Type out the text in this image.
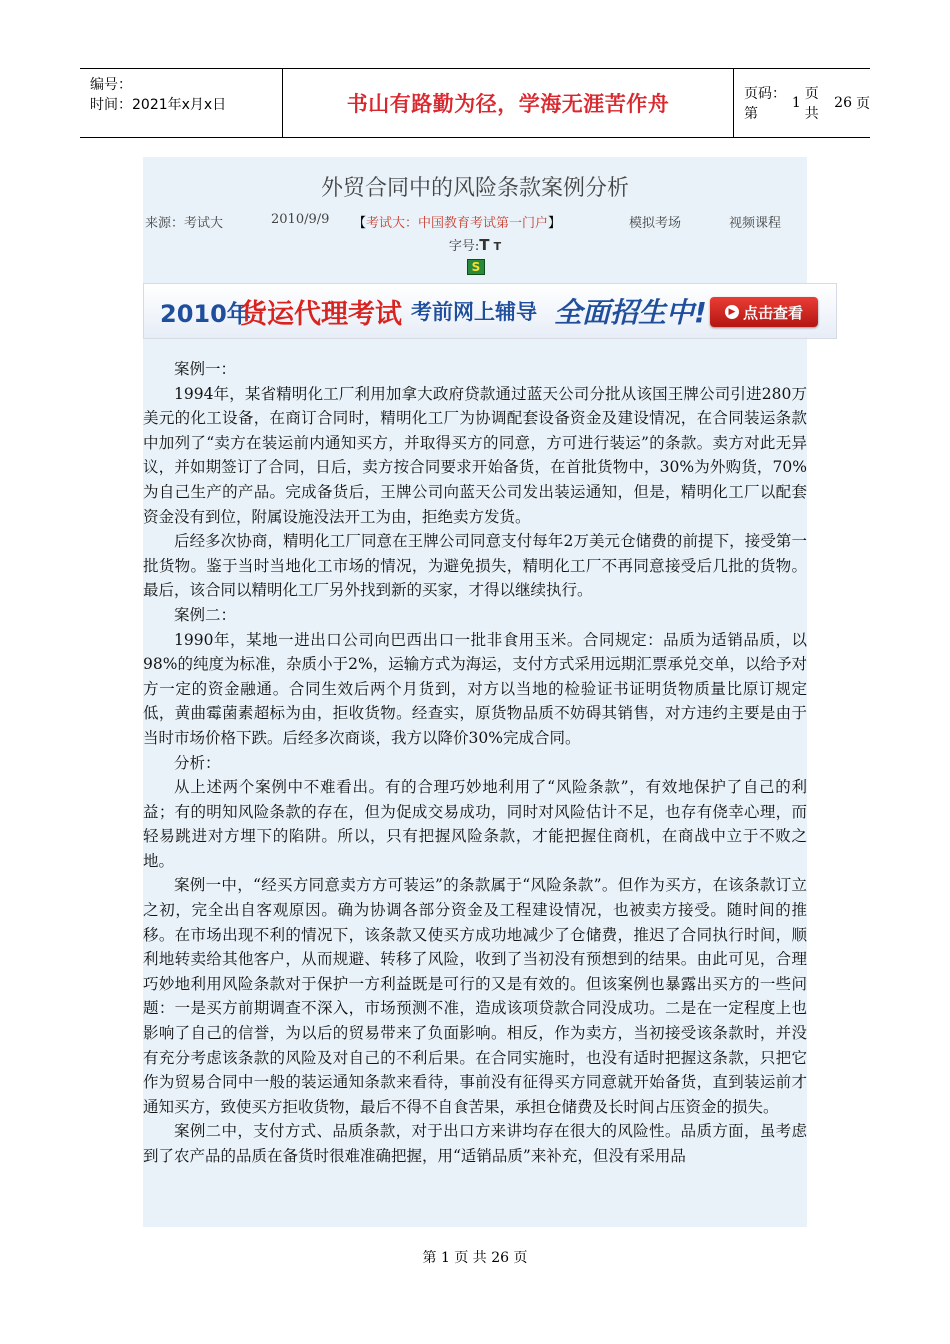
编号：
时间：2021年x月x日	书山有路勤为径，学海无涯苦作舟	页码：第
1
页 共
26 页
外贸合同中的风险条款案例分析
来源：考试大	2010/9/9 【考试大：中国教育考试第一门户】	模拟考场	视频课程
字号:T T
S
2010年
货运代理考试 考前网上辅导 全面招生中!	▶ 点击查看

案例一：

1994年，某省精明化工厂利用加拿大政府贷款通过蓝天公司分批从该国王牌公司引进280万美元的化工设备，在商订合同时，精明化工厂为协调配套设备资金及建设情况，在合同装运条款中加列了“卖方在装运前内通知买方，并取得买方的同意，方可进行装运”的条款。卖方对此无异议，并如期签订了合同，日后，卖方按合同要求开始备货，在首批货物中，30%为外购货，70%为自己生产的产品。完成备货后，王牌公司向蓝天公司发出装运通知，但是，精明化工厂以配套资金没有到位，附属设施没法开工为由，拒绝卖方发货。

后经多次协商，精明化工厂同意在王牌公司同意支付每年2万美元仓储费的前提下，接受第一批货物。鉴于当时当地化工市场的情况，为避免损失，精明化工厂不再同意接受后几批的货物。最后，该合同以精明化工厂另外找到新的买家，才得以继续执行。

案例二：

1990年，某地一进出口公司向巴西出口一批非食用玉米。合同规定：品质为适销品质，以98%的纯度为标准，杂质小于2%，运输方式为海运，支付方式采用远期汇票承兑交单，以给予对方一定的资金融通。合同生效后两个月货到，对方以当地的检验证书证明货物质量比原订规定低，黄曲霉菌素超标为由，拒收货物。经查实，原货物品质不妨碍其销售，对方违约主要是由于当时市场价格下跌。后经多次商谈，我方以降价30%完成合同。

分析：

从上述两个案例中不难看出。有的合理巧妙地利用了“风险条款”，有效地保护了自己的利益；有的明知风险条款的存在，但为促成交易成功，同时对风险估计不足，也存有侥幸心理，而轻易跳进对方埋下的陷阱。所以，只有把握风险条款，才能把握住商机，在商战中立于不败之地。

案例一中，“经买方同意卖方方可装运”的条款属于“风险条款”。但作为买方，在该条款订立之初，完全出自客观原因。确为协调各部分资金及工程建设情况，也被卖方接受。随时间的推移。在市场出现不利的情况下，该条款又使买方成功地减少了仓储费，推迟了合同执行时间，顺利地转卖给其他客户，从而规避、转移了风险，收到了当初没有预想到的结果。由此可见，合理巧妙地利用风险条款对于保护一方利益既是可行的又是有效的。但该案例也暴露出买方的一些问题：一是买方前期调查不深入，市场预测不准，造成该项贷款合同没成功。二是在一定程度上也影响了自己的信誉，为以后的贸易带来了负面影响。相反，作为卖方，当初接受该条款时，并没有充分考虑该条款的风险及对自己的不利后果。在合同实施时，也没有适时把握这条款，只把它作为贸易合同中一般的装运通知条款来看待，事前没有征得买方同意就开始备货，直到装运前才通知买方，致使买方拒收货物，最后不得不自食苦果，承担仓储费及长时间占压资金的损失。

案例二中，支付方式、品质条款，对于出口方来讲均存在很大的风险性。品质方面，虽考虑到了农产品的品质在备货时很难准确把握，用“适销品质”来补充，但没有采用品

第 1 页 共 26 页
